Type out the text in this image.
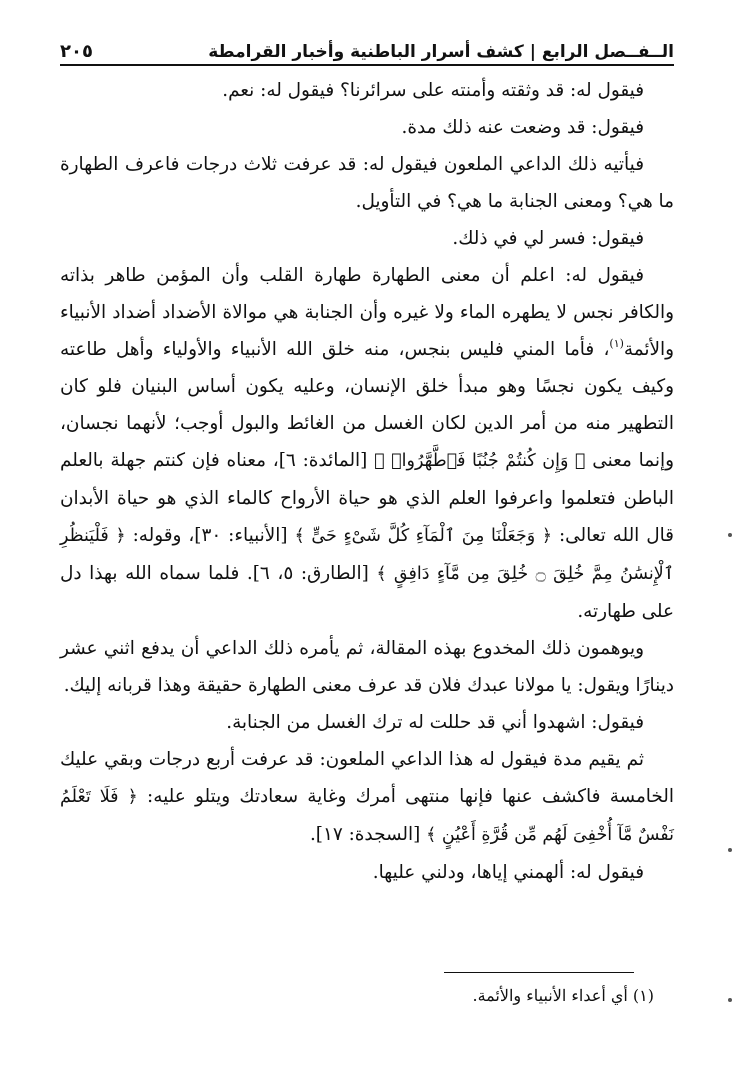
الــفــصل الرابع | كشف أسرار الباطنية وأخبار القرامطة
٢٠٥

فيقول له: قد وثقته وأمنته على سرائرنا؟ فيقول له: نعم.

فيقول: قد وضعت عنه ذلك مدة.

فيأتيه ذلك الداعي الملعون فيقول له: قد عرفت ثلاث درجات فاعرف الطهارة ما هي؟ ومعنى الجنابة ما هي؟ في التأويل.

فيقول: فسر لي في ذلك.

فيقول له: اعلم أن معنى الطهارة طهارة القلب وأن المؤمن طاهر بذاته والكافر نجس لا يطهره الماء ولا غيره وأن الجنابة هي موالاة الأضداد أضداد الأنبياء والأئمة$^{(١)}$، فأما المني فليس بنجس، منه خلق الله الأنبياء والأولياء وأهل طاعته وكيف يكون نجسًا وهو مبدأ خلق الإنسان، وعليه يكون أساس البنيان فلو كان التطهير منه من أمر الدين لكان الغسل من الغائط والبول أوجب؛ لأنهما نجسان، وإنما معنى ﴿ وَإِن كُنتُمْ جُنُبًا فَٱطَّهَّرُوا۟ ﴾ [المائدة: ٦]، معناه فإن كنتم جهلة بالعلم الباطن فتعلموا واعرفوا العلم الذي هو حياة الأرواح كالماء الذي هو حياة الأبدان قال الله تعالى: ﴿ وَجَعَلْنَا مِنَ ٱلْمَآءِ كُلَّ شَىْءٍ حَىٍّ ﴾ [الأنبياء: ٣٠]، وقوله: ﴿ فَلْيَنظُرِ ٱلْإِنسَٰنُ مِمَّ خُلِقَ ۝ خُلِقَ مِن مَّآءٍ دَافِقٍ ﴾ [الطارق: ٥، ٦]. فلما سماه الله بهذا دل على طهارته.

ويوهمون ذلك المخدوع بهذه المقالة، ثم يأمره ذلك الداعي أن يدفع اثني عشر دينارًا ويقول: يا مولانا عبدك فلان قد عرف معنى الطهارة حقيقة وهذا قربانه إليك.

فيقول: اشهدوا أني قد حللت له ترك الغسل من الجنابة.

ثم يقيم مدة فيقول له هذا الداعي الملعون: قد عرفت أربع درجات وبقي عليك الخامسة فاكشف عنها فإنها منتهى أمرك وغاية سعادتك ويتلو عليه: ﴿ فَلَا تَعْلَمُ نَفْسٌ مَّآ أُخْفِىَ لَهُم مِّن قُرَّةِ أَعْيُنٍ ﴾ [السجدة: ١٧].

فيقول له: ألهمني إياها، ودلني عليها.

(١) أي أعداء الأنبياء والأئمة.
